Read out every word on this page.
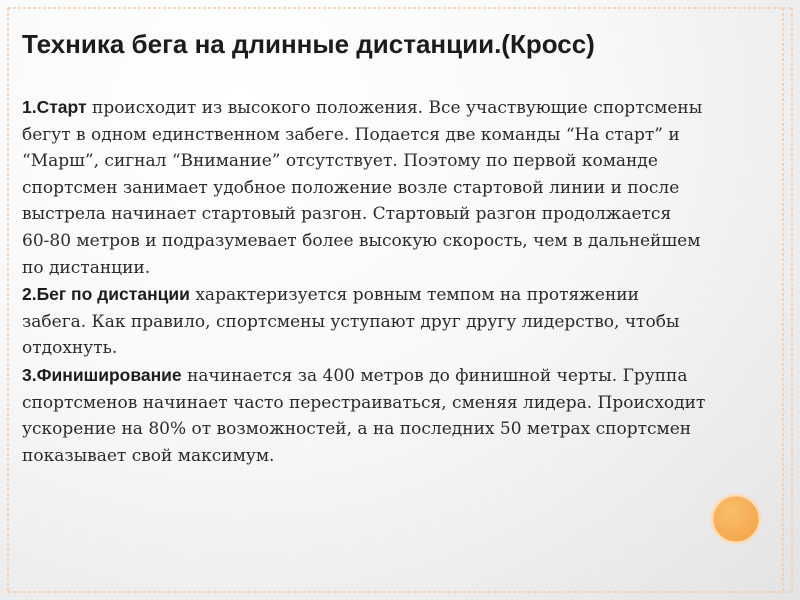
Техника бега на длинные дистанции.(Кросс)
1.Старт происходит из высокого положения. Все участвующие спортсмены
бегут в одном единственном забеге. Подается две команды “На старт” и
“Марш”, сигнал “Внимание” отсутствует. Поэтому по первой команде
спортсмен занимает удобное положение возле стартовой линии и после
выстрела начинает стартовый разгон. Стартовый разгон продолжается
60-80 метров и подразумевает более высокую скорость, чем в дальнейшем
по дистанции.
2.Бег по дистанции характеризуется ровным темпом на протяжении
забега. Как правило, спортсмены уступают друг другу лидерство, чтобы
отдохнуть.
3.Финиширование начинается за 400 метров до финишной черты. Группа
спортсменов начинает часто перестраиваться, сменяя лидера. Происходит
ускорение на 80% от возможностей, а на последних 50 метрах спортсмен
показывает свой максимум.
